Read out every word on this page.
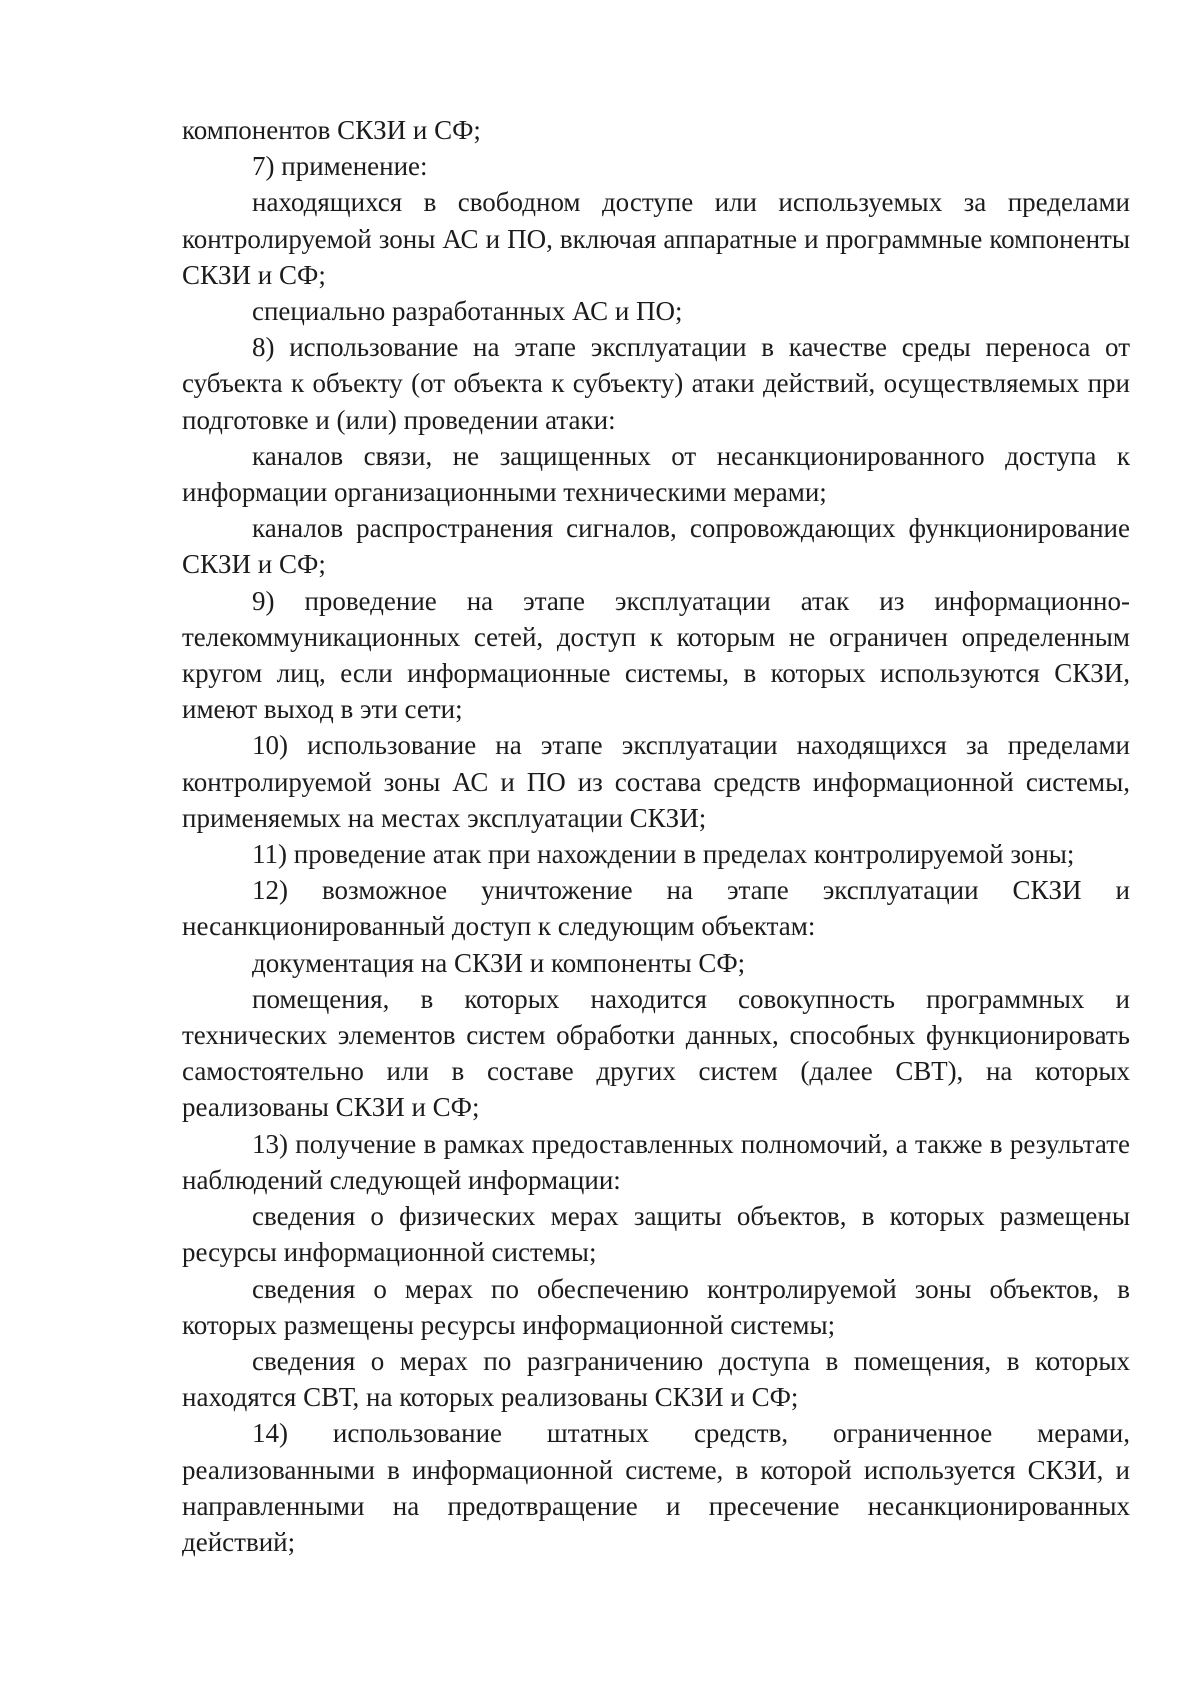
компонентов СКЗИ и СФ;

7) применение:

находящихся в свободном доступе или используемых за пределами контролируемой зоны АС и ПО, включая аппаратные и программные компоненты СКЗИ и СФ;

специально разработанных АС и ПО;

8) использование на этапе эксплуатации в качестве среды переноса от субъекта к объекту (от объекта к субъекту) атаки действий, осуществляемых при подготовке и (или) проведении атаки:

каналов связи, не защищенных от несанкционированного доступа к информации организационными техническими мерами;

каналов распространения сигналов, сопровождающих функционирование СКЗИ и СФ;

9) проведение на этапе эксплуатации атак из информационно-телекоммуникационных сетей, доступ к которым не ограничен определенным кругом лиц, если информационные системы, в которых используются СКЗИ, имеют выход в эти сети;

10) использование на этапе эксплуатации находящихся за пределами контролируемой зоны АС и ПО из состава средств информационной системы, применяемых на местах эксплуатации СКЗИ;

11) проведение атак при нахождении в пределах контролируемой зоны;

12) возможное уничтожение на этапе эксплуатации СКЗИ и несанкционированный доступ к следующим объектам:

документация на СКЗИ и компоненты СФ;

помещения, в которых находится совокупность программных и технических элементов систем обработки данных, способных функционировать самостоятельно или в составе других систем (далее СВТ), на которых реализованы СКЗИ и СФ;

13) получение в рамках предоставленных полномочий, а также в результате наблюдений следующей информации:

сведения о физических мерах защиты объектов, в которых размещены ресурсы информационной системы;

сведения о мерах по обеспечению контролируемой зоны объектов, в которых размещены ресурсы информационной системы;

сведения о мерах по разграничению доступа в помещения, в которых находятся СВТ, на которых реализованы СКЗИ и СФ;

14) использование штатных средств, ограниченное мерами, реализованными в информационной системе, в которой используется СКЗИ, и направленными на предотвращение и пресечение несанкционированных действий;
